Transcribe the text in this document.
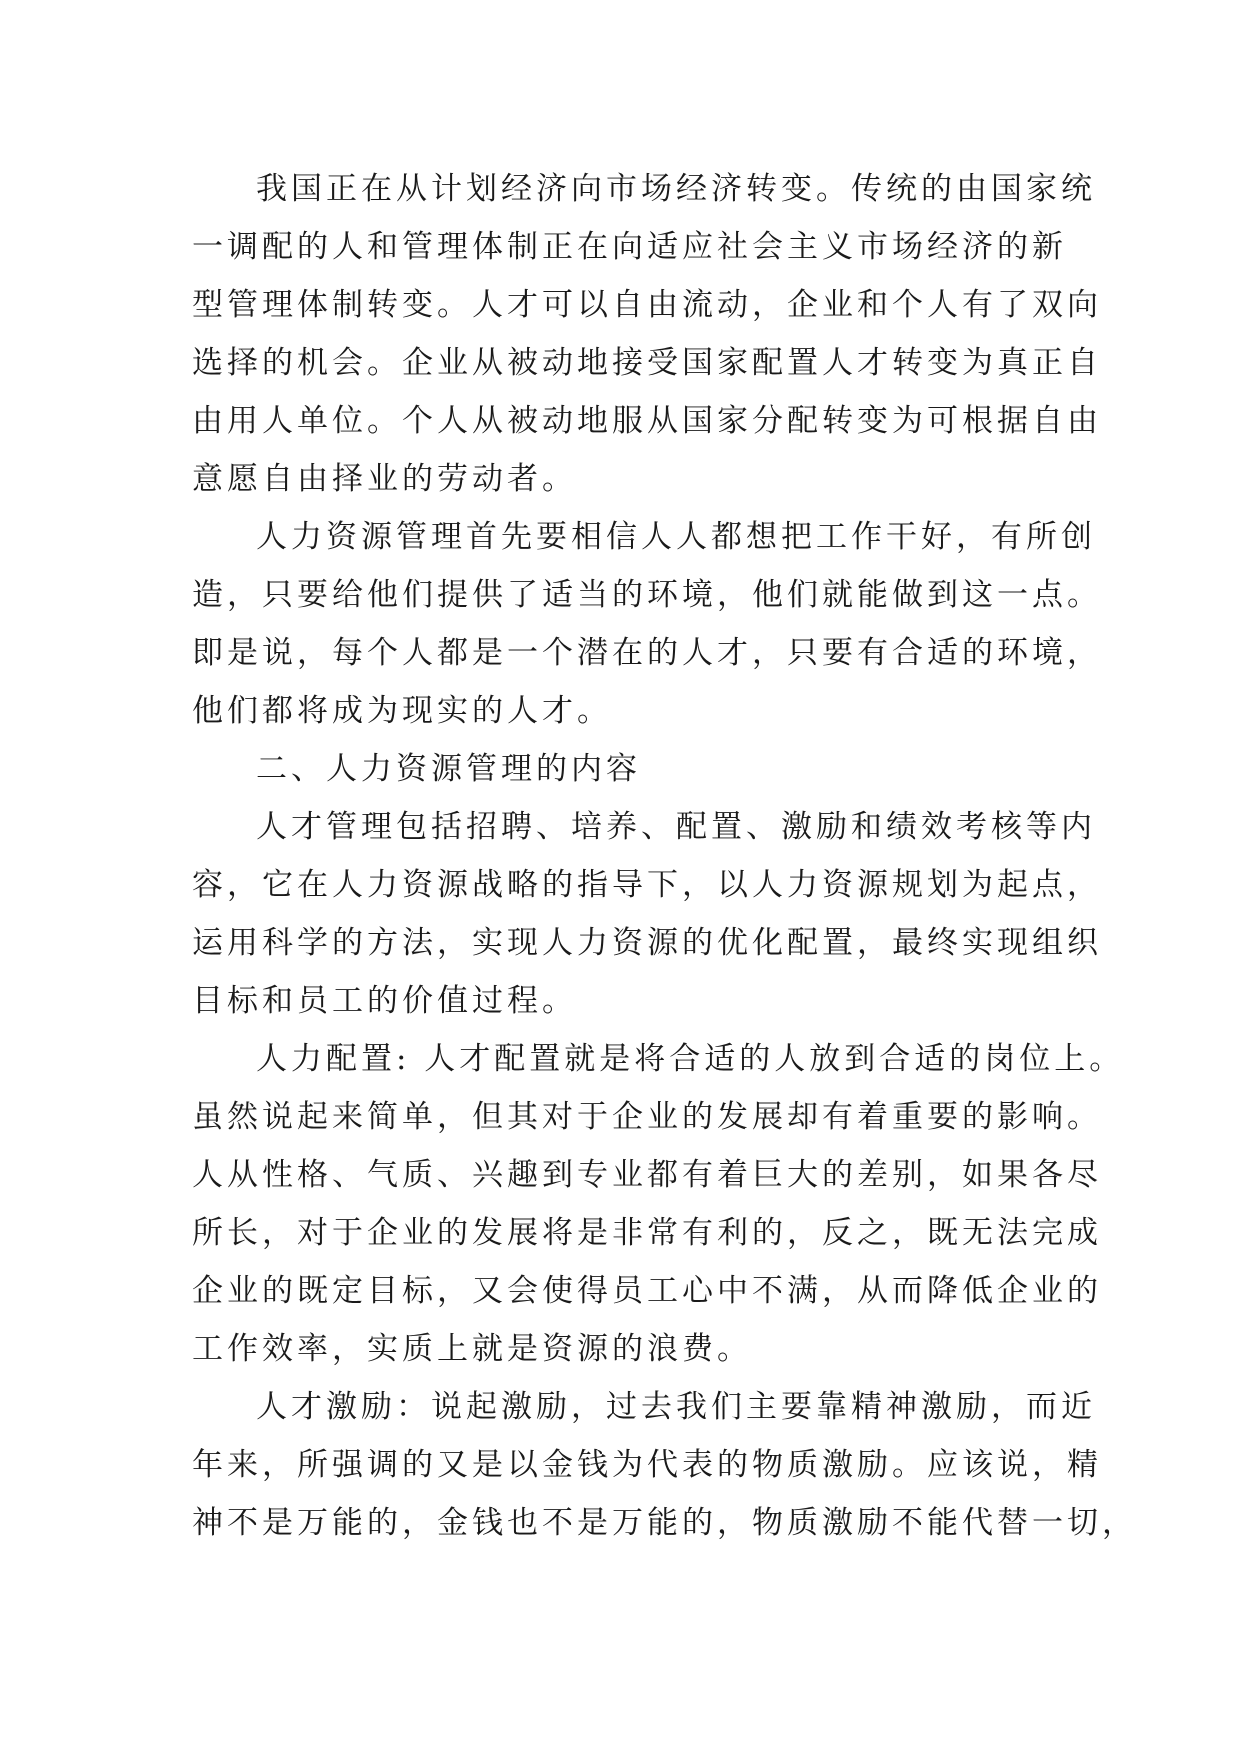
我国正在从计划经济向市场经济转变。传统的由国家统
一调配的人和管理体制正在向适应社会主义市场经济的新
型管理体制转变。人才可以自由流动，企业和个人有了双向
选择的机会。企业从被动地接受国家配置人才转变为真正自
由用人单位。个人从被动地服从国家分配转变为可根据自由
意愿自由择业的劳动者。
人力资源管理首先要相信人人都想把工作干好，有所创
造，只要给他们提供了适当的环境，他们就能做到这一点。
即是说，每个人都是一个潜在的人才，只要有合适的环境，
他们都将成为现实的人才。
二、人力资源管理的内容
人才管理包括招聘、培养、配置、激励和绩效考核等内
容，它在人力资源战略的指导下，以人力资源规划为起点，
运用科学的方法，实现人力资源的优化配置，最终实现组织
目标和员工的价值过程。
人力配置: 人才配置就是将合适的人放到合适的岗位上。
虽然说起来简单，但其对于企业的发展却有着重要的影响。
人从性格、气质、兴趣到专业都有着巨大的差别，如果各尽
所长，对于企业的发展将是非常有利的，反之，既无法完成
企业的既定目标，又会使得员工心中不满，从而降低企业的
工作效率，实质上就是资源的浪费。
人才激励：说起激励，过去我们主要靠精神激励，而近
年来，所强调的又是以金钱为代表的物质激励。应该说，精
神不是万能的，金钱也不是万能的，物质激励不能代替一切，
